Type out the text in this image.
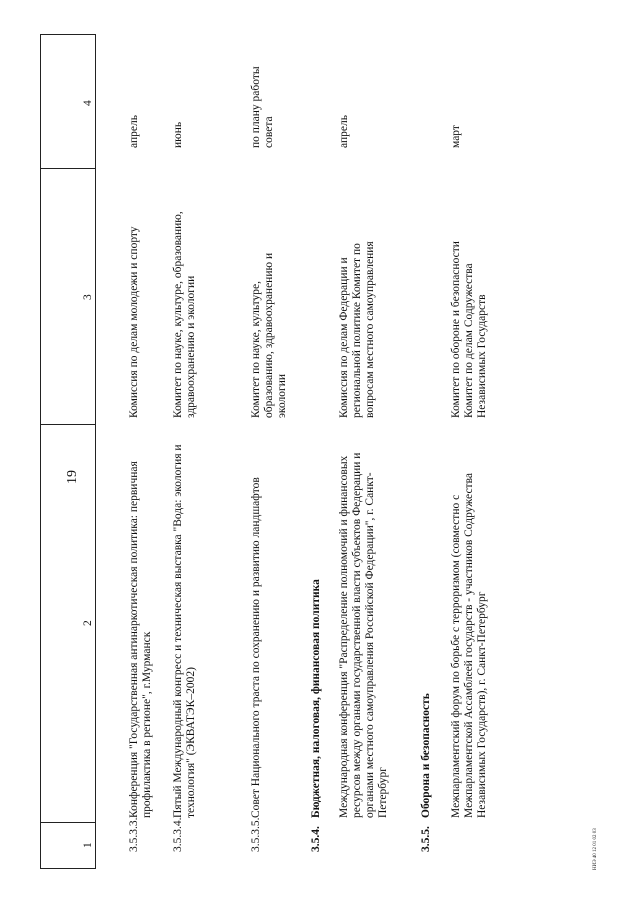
19
4
3
2
1	3.5.3.3.
Конференция "Государственная антинаркотическая политика: первичная профилактика в регионе", г.Мурманск
Комиссия по делам молодежи и спорту
апрель
3.5.3.4.
Пятый Международный конгресс и техническая выставка "Вода: экология и технология" (ЭКВАТЭК–2002)
Комитет по науке, культуре, образованию, здравоохранению и экологии
июнь
3.5.3.5.
Совет Национального траста по сохранению и развитию ландшафтов
Комитет по науке, культуре, образованию, здравоохранению и экологии
по плану работы совета
3.5.4.
Бюджетная, налоговая, финансовая политика Международная конференция "Распределение полномочий и финансовых ресурсов между органами государственной власти субъектов Федерации и органами местного самоуправления Российской Федерации", г. Санкт-Петербург
Комиссия по делам Федерации и региональной политике Комитет по вопросам местного самоуправления
апрель
3.5.5.
Оборона и безопасность Межпарламентский форум по борьбе с терроризмом (совместно с Межпарламентской Ассамблеей государств - участников Содружества Независимых Государств), г. Санкт-Петербург
Комитет по обороне и безопасности Комитет по делам Содружества Независимых Государств
март
НИЭ 40 12 01 02 03
